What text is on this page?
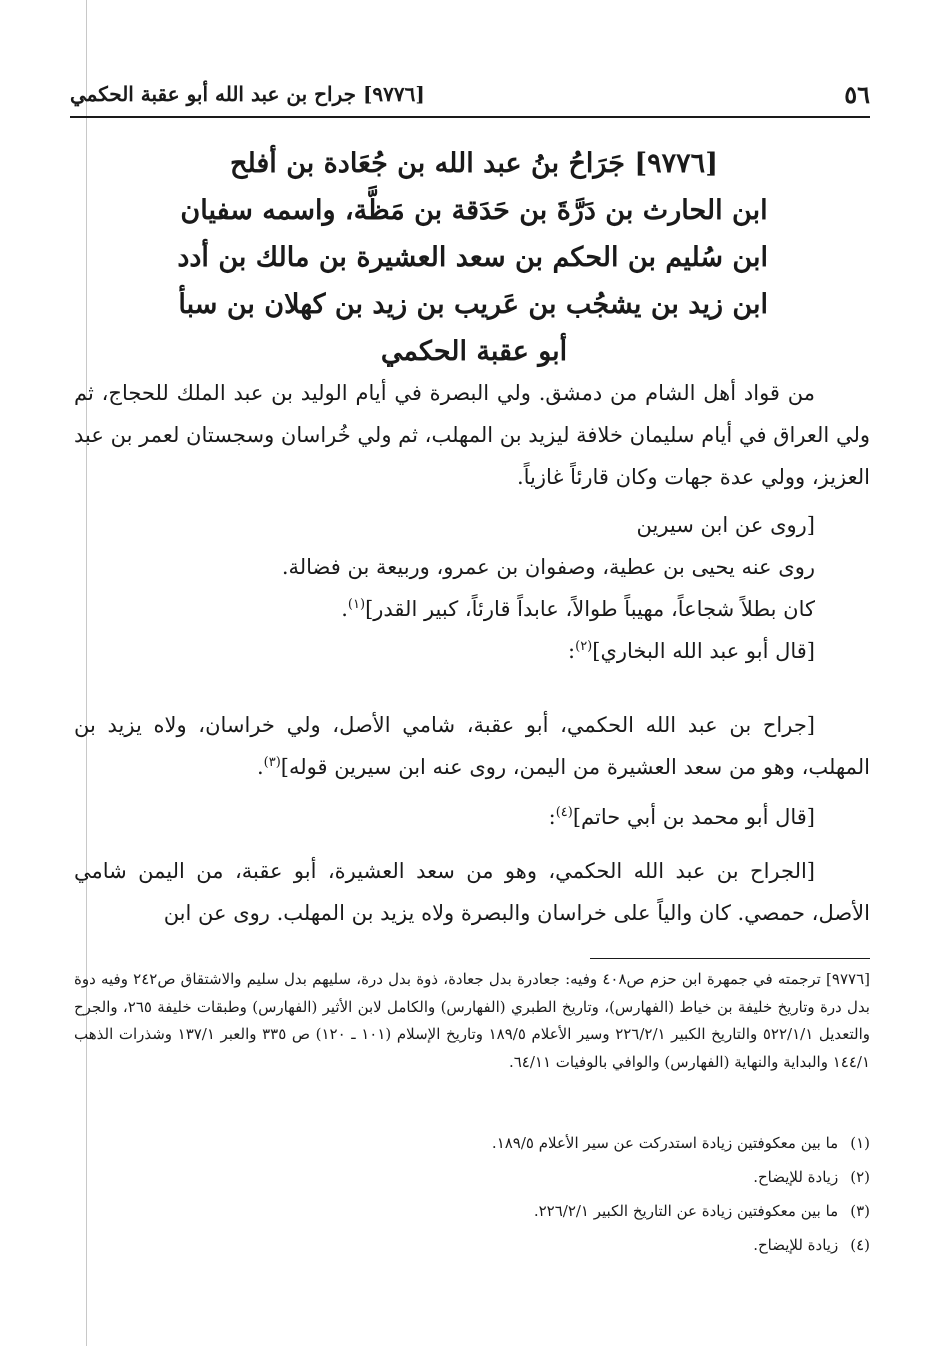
٥٦
[٩٧٧٦] جراح بن عبد الله أبو عقبة الحكمي
[٩٧٧٦] جَرَاحُ بنُ عبد الله بن جُعَادة بن أفلح
ابن الحارث بن دَرَّةَ بن حَدَقة بن مَظَّة، واسمه سفيان
ابن سُليم بن الحكم بن سعد العشيرة بن مالك بن أدد
ابن زيد بن يشجُب بن عَريب بن زيد بن كهلان بن سبأ
أبو عقبة الحكمي

من قواد أهل الشام من دمشق. ولي البصرة في أيام الوليد بن عبد الملك للحجاج، ثم ولي العراق في أيام سليمان خلافة ليزيد بن المهلب، ثم ولي خُراسان وسجستان لعمر بن عبد العزيز، وولي عدة جهات وكان قارئاً غازياً.

[روى عن ابن سيرين

روى عنه يحيى بن عطية، وصفوان بن عمرو، وربيعة بن فضالة.

كان بطلاً شجاعاً، مهيباً طوالاً، عابداً قارئاً، كبير القدر]$^{(١)}$.

[قال أبو عبد الله البخاري]$^{(٢)}$:

[جراح بن عبد الله الحكمي، أبو عقبة، شامي الأصل، ولي خراسان، ولاه يزيد بن المهلب، وهو من سعد العشيرة من اليمن، روى عنه ابن سيرين قوله]$^{(٣)}$.

[قال أبو محمد بن أبي حاتم]$^{(٤)}$:

[الجراح بن عبد الله الحكمي، وهو من سعد العشيرة، أبو عقبة، من اليمن شامي الأصل، حمصي. كان والياً على خراسان والبصرة ولاه يزيد بن المهلب. روى عن ابن

[٩٧٧٦] ترجمته في جمهرة ابن حزم ص٤٠٨ وفيه: جعادرة بدل جعادة، ذوة بدل درة، سليهم بدل سليم والاشتقاق ص٢٤٢ وفيه دوة بدل درة وتاريخ خليفة بن خياط (الفهارس)، وتاريخ الطبري (الفهارس) والكامل لابن الأثير (الفهارس) وطبقات خليفة ٢٦٥، والجرح والتعديل ٥٢٢/١/١ والتاريخ الكبير ٢٢٦/٢/١ وسير الأعلام ١٨٩/٥ وتاريخ الإسلام (١٠١ ـ ١٢٠) ص ٣٣٥ والعبر ١٣٧/١ وشذرات الذهب ١٤٤/١ والبداية والنهاية (الفهارس) والوافي بالوفيات ٦٤/١١.
(١)
ما بين معكوفتين زيادة استدركت عن سير الأعلام ١٨٩/٥.
(٢)
زيادة للإيضاح.
(٣)
ما بين معكوفتين زيادة عن التاريخ الكبير ٢٢٦/٢/١.
(٤)
زيادة للإيضاح.
